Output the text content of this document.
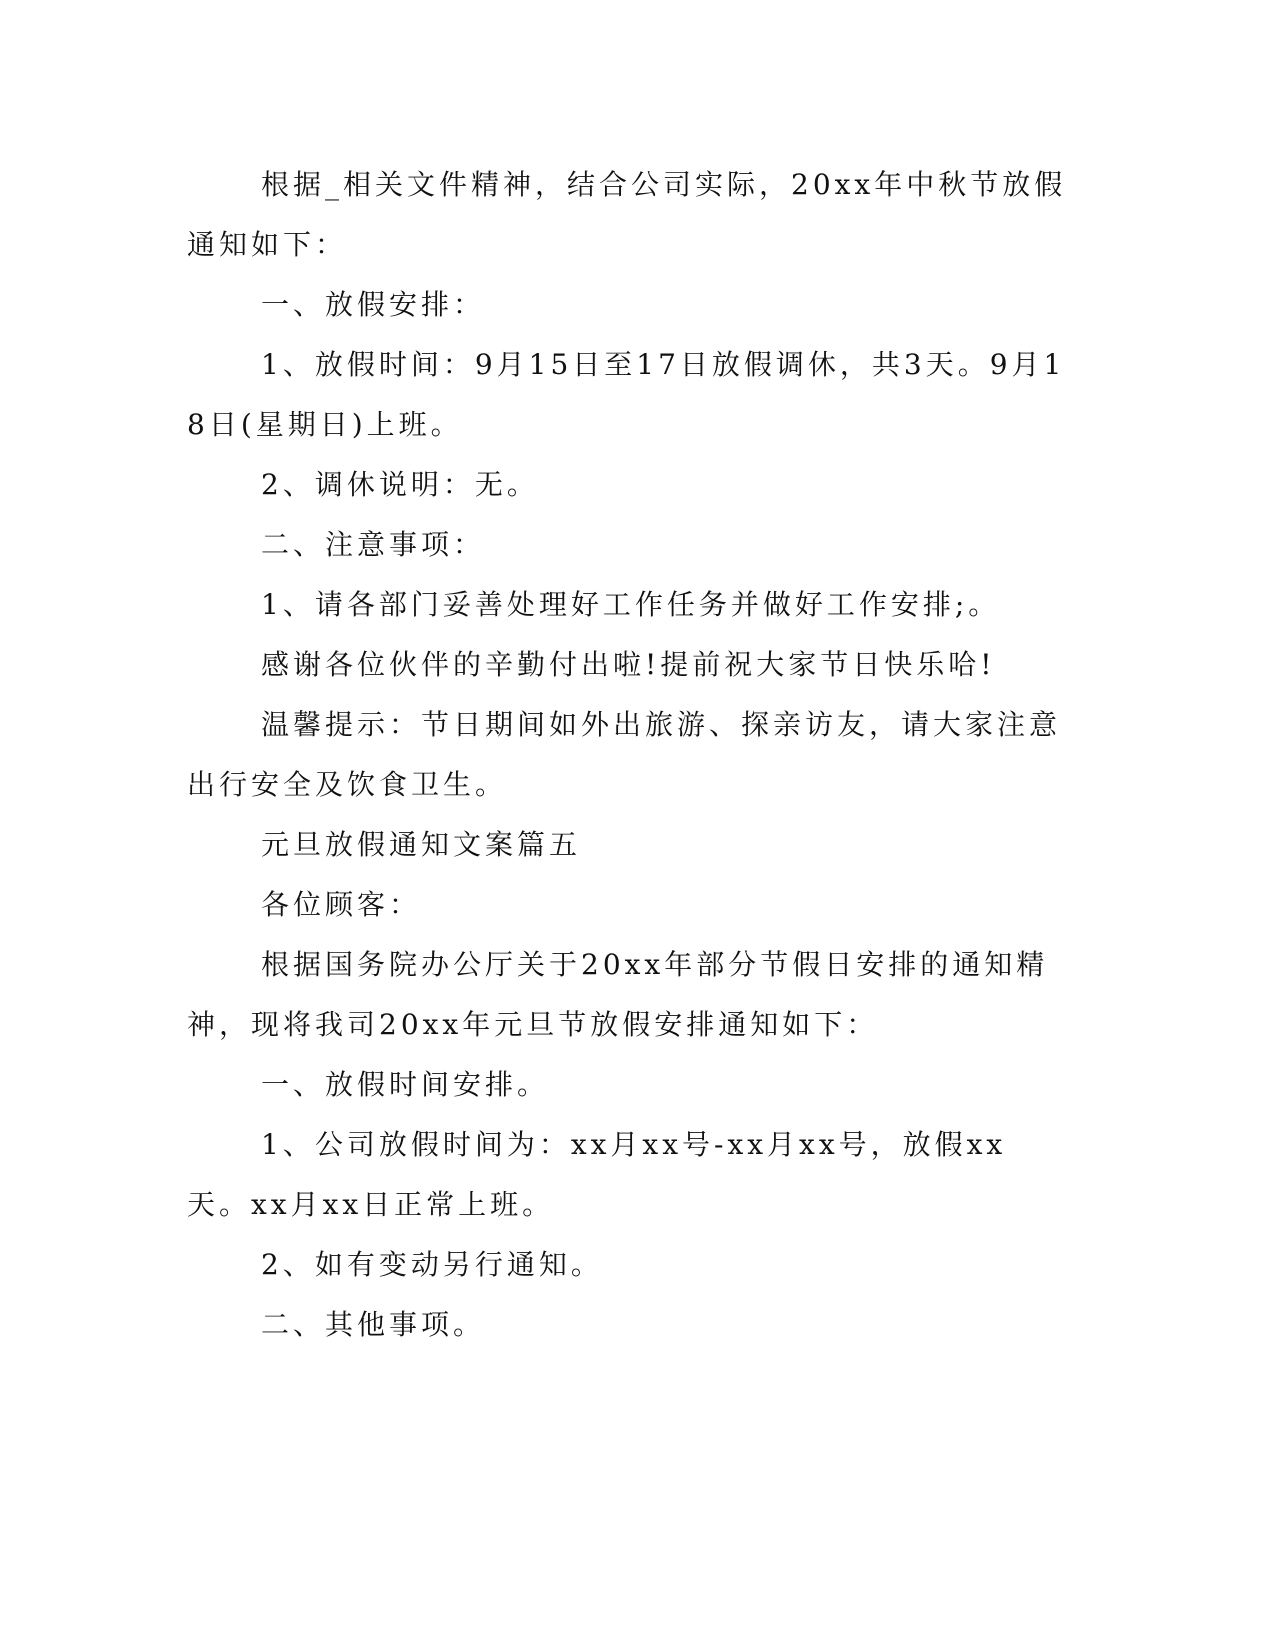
根据_相关文件精神，结合公司实际，20xx年中秋节放假通知如下：

一、放假安排：

1、放假时间：9月15日至17日放假调休，共3天。9月18日(星期日)上班。

2、调休说明：无。

二、注意事项：

1、请各部门妥善处理好工作任务并做好工作安排;。

感谢各位伙伴的辛勤付出啦!提前祝大家节日快乐哈!

温馨提示：节日期间如外出旅游、探亲访友，请大家注意出行安全及饮食卫生。

元旦放假通知文案篇五

各位顾客：

根据国务院办公厅关于20xx年部分节假日安排的通知精神，现将我司20xx年元旦节放假安排通知如下：

一、放假时间安排。

1、公司放假时间为：xx月xx号-xx月xx号，放假xx天。xx月xx日正常上班。

2、如有变动另行通知。

二、其他事项。
